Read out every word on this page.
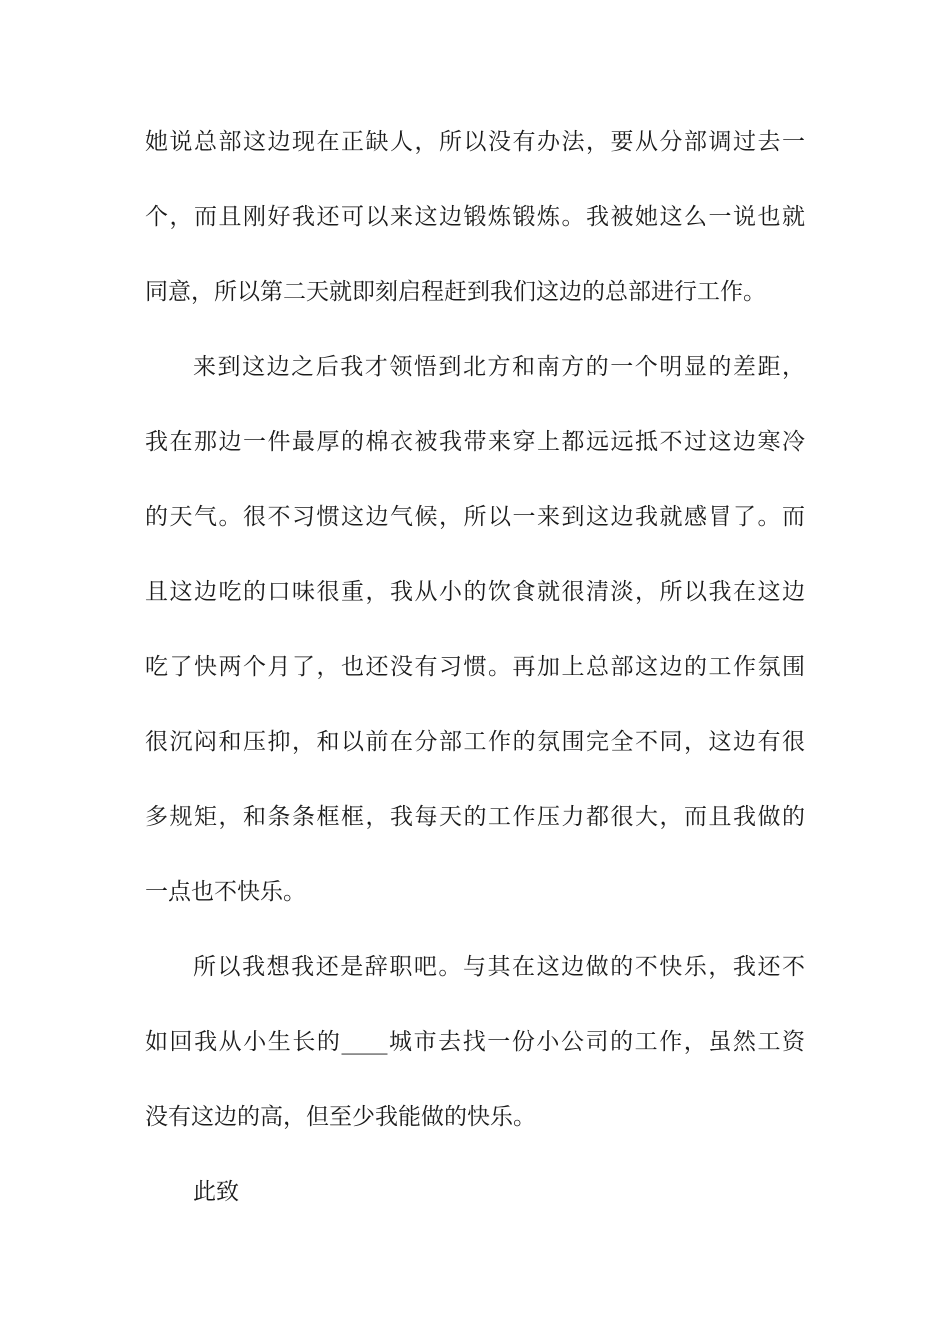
她说总部这边现在正缺人，所以没有办法，要从分部调过去一
个，而且刚好我还可以来这边锻炼锻炼。我被她这么一说也就
同意，所以第二天就即刻启程赶到我们这边的总部进行工作。
来到这边之后我才领悟到北方和南方的一个明显的差距，
我在那边一件最厚的棉衣被我带来穿上都远远抵不过这边寒冷
的天气。很不习惯这边气候，所以一来到这边我就感冒了。而
且这边吃的口味很重，我从小的饮食就很清淡，所以我在这边
吃了快两个月了，也还没有习惯。再加上总部这边的工作氛围
很沉闷和压抑，和以前在分部工作的氛围完全不同，这边有很
多规矩，和条条框框，我每天的工作压力都很大，而且我做的
一点也不快乐。
所以我想我还是辞职吧。与其在这边做的不快乐，我还不
如回我从小生长的____城市去找一份小公司的工作，虽然工资
没有这边的高，但至少我能做的快乐。
此致
